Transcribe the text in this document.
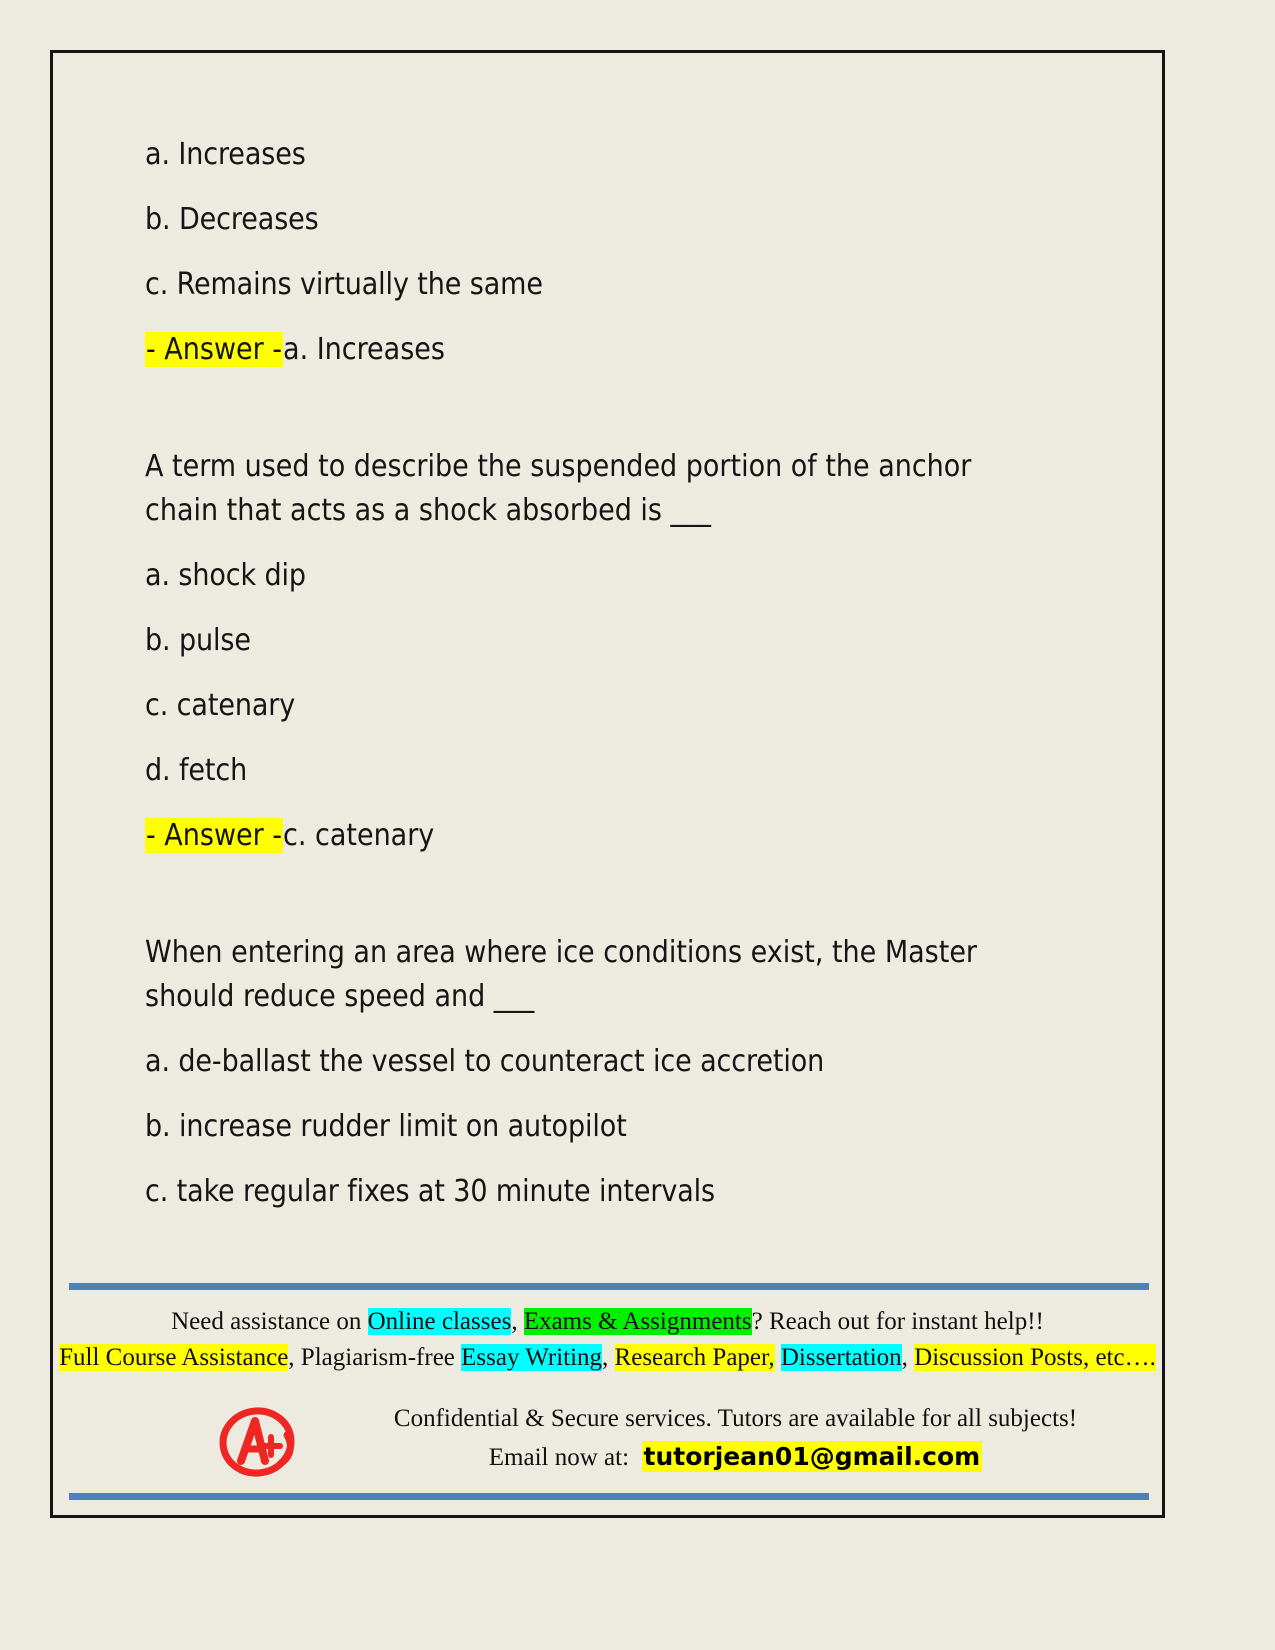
a. Increases

b. Decreases

c. Remains virtually the same

- Answer -a. Increases

A term used to describe the suspended portion of the anchor chain that acts as a shock absorbed is ___

a. shock dip

b. pulse

c. catenary

d. fetch

- Answer -c. catenary

When entering an area where ice conditions exist, the Master should reduce speed and ___

a. de-ballast the vessel to counteract ice accretion

b. increase rudder limit on autopilot

c. take regular fixes at 30 minute intervals

Need assistance on Online classes, Exams & Assignments? Reach out for instant help!!
Full Course Assistance, Plagiarism-free Essay Writing, Research Paper, Dissertation, Discussion Posts, etc….
Confidential & Secure services. Tutors are available for all subjects!
Email now at: tutorjean01@gmail.com
